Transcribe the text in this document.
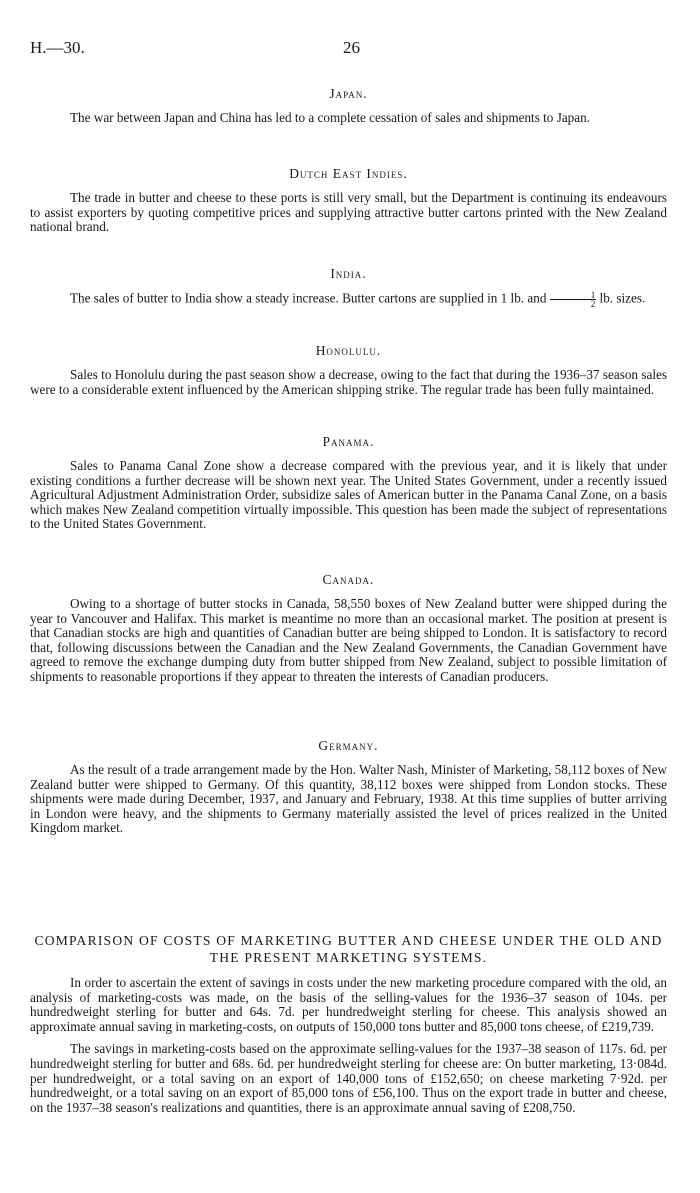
H.—30.	26
Japan.

The war between Japan and China has led to a complete cessation of sales and shipments to Japan.

Dutch East Indies.

The trade in butter and cheese to these ports is still very small, but the Department is continuing its endeavours to assist exporters by quoting competitive prices and supplying attractive butter cartons printed with the New Zealand national brand.

India.

The sales of butter to India show a steady increase. Butter cartons are supplied in 1 lb. and $\frac{1}{2}$ lb. sizes.

Honolulu.

Sales to Honolulu during the past season show a decrease, owing to the fact that during the 1936–37 season sales were to a considerable extent influenced by the American shipping strike. The regular trade has been fully maintained.

Panama.

Sales to Panama Canal Zone show a decrease compared with the previous year, and it is likely that under existing conditions a further decrease will be shown next year. The United States Government, under a recently issued Agricultural Adjustment Administration Order, subsidize sales of American butter in the Panama Canal Zone, on a basis which makes New Zealand competition virtually impossible. This question has been made the subject of representations to the United States Government.

Canada.

Owing to a shortage of butter stocks in Canada, 58,550 boxes of New Zealand butter were shipped during the year to Vancouver and Halifax. This market is meantime no more than an occasional market. The position at present is that Canadian stocks are high and quantities of Canadian butter are being shipped to London. It is satisfactory to record that, following discussions between the Canadian and the New Zealand Governments, the Canadian Government have agreed to remove the exchange dumping duty from butter shipped from New Zealand, subject to possible limitation of shipments to reasonable proportions if they appear to threaten the interests of Canadian producers.

Germany.

As the result of a trade arrangement made by the Hon. Walter Nash, Minister of Marketing, 58,112 boxes of New Zealand butter were shipped to Germany. Of this quantity, 38,112 boxes were shipped from London stocks. These shipments were made during December, 1937, and January and February, 1938. At this time supplies of butter arriving in London were heavy, and the shipments to Germany materially assisted the level of prices realized in the United Kingdom market.

COMPARISON OF COSTS OF MARKETING BUTTER AND CHEESE UNDER THE OLD AND THE PRESENT MARKETING SYSTEMS.

In order to ascertain the extent of savings in costs under the new marketing procedure compared with the old, an analysis of marketing-costs was made, on the basis of the selling-values for the 1936–37 season of 104s. per hundredweight sterling for butter and 64s. 7d. per hundredweight sterling for cheese. This analysis showed an approximate annual saving in marketing-costs, on outputs of 150,000 tons butter and 85,000 tons cheese, of £219,739.

The savings in marketing-costs based on the approximate selling-values for the 1937–38 season of 117s. 6d. per hundredweight sterling for butter and 68s. 6d. per hundredweight sterling for cheese are: On butter marketing, 13·084d. per hundredweight, or a total saving on an export of 140,000 tons of £152,650; on cheese marketing 7·92d. per hundredweight, or a total saving on an export of 85,000 tons of £56,100. Thus on the export trade in butter and cheese, on the 1937–38 season's realizations and quantities, there is an approximate annual saving of £208,750.
